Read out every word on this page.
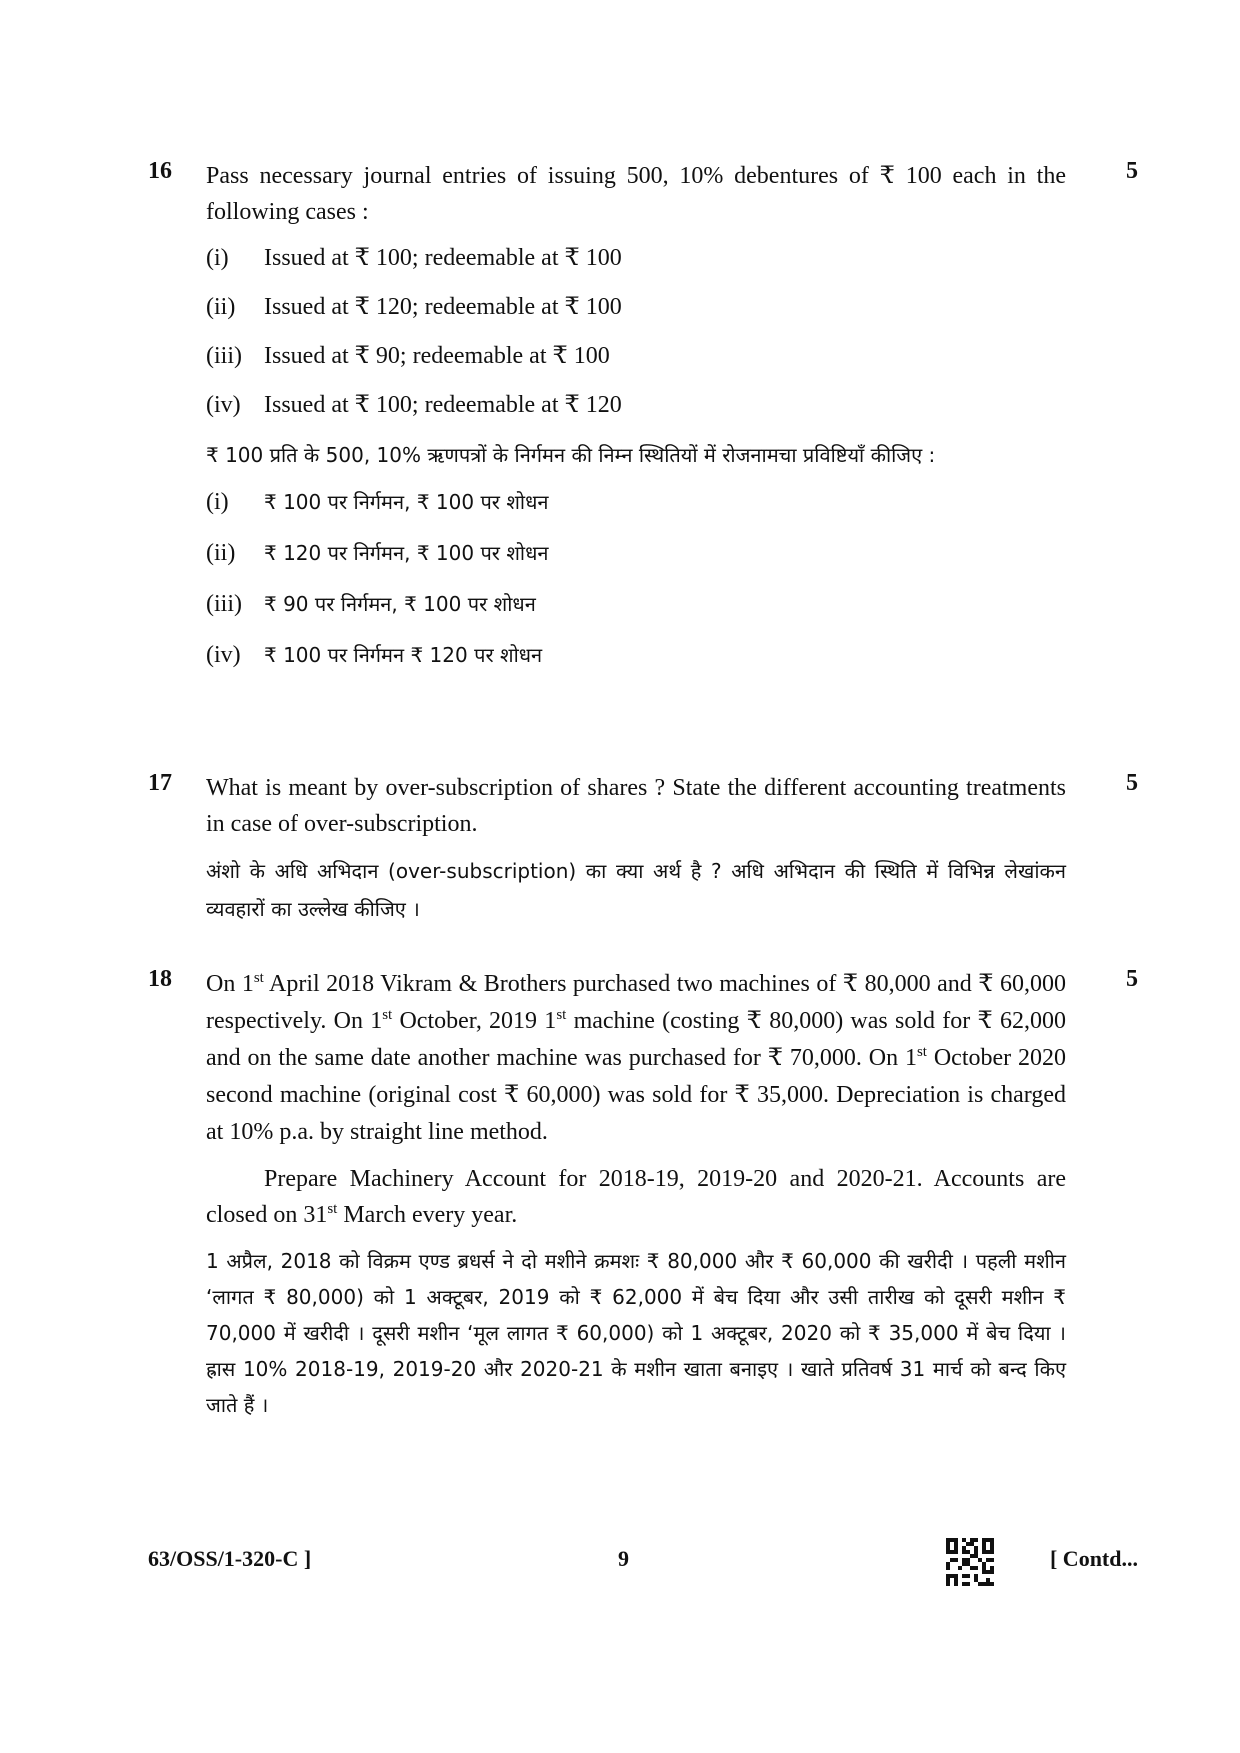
16	5

Pass necessary journal entries of issuing 500, 10% debentures of ₹ 100 each in the following cases :

(i)	Issued at ₹ 100; redeemable at ₹ 100
(ii)	Issued at ₹ 120; redeemable at ₹ 100
(iii) Issued at ₹ 90; redeemable at ₹ 100
(iv) Issued at ₹ 100; redeemable at ₹ 120

₹ 100 प्रति के 500, 10% ऋणपत्रों के निर्गमन की निम्न स्थितियों में रोजनामचा प्रविष्टियाँ कीजिए :

(i)	₹ 100 पर निर्गमन, ₹ 100 पर शोधन
(ii)	₹ 120 पर निर्गमन, ₹ 100 पर शोधन
(iii)	₹ 90 पर निर्गमन, ₹ 100 पर शोधन
(iv)	₹ 100 पर निर्गमन ₹ 120 पर शोधन
17	5

What is meant by over-subscription of shares ? State the different accounting treatments in case of over-subscription.

अंशो के अधि अभिदान (over-subscription) का क्या अर्थ है ? अधि अभिदान की स्थिति में विभिन्न लेखांकन व्यवहारों का उल्लेख कीजिए ।

18	5

On 1st April 2018 Vikram & Brothers purchased two machines of ₹ 80,000 and ₹ 60,000 respectively. On 1st October, 2019 1st machine (costing ₹ 80,000) was sold for ₹ 62,000 and on the same date another machine was purchased for ₹ 70,000. On 1st October 2020 second machine (original cost ₹ 60,000) was sold for ₹ 35,000. Depreciation is charged at 10% p.a. by straight line method.

Prepare Machinery Account for 2018-19, 2019-20 and 2020-21. Accounts are closed on 31st March every year.

1 अप्रैल, 2018 को विक्रम एण्ड ब्रधर्स ने दो मशीने क्रमशः ₹ 80,000 और ₹ 60,000 की खरीदी । पहली मशीन ‘लागत ₹ 80,000) को 1 अक्टूबर, 2019 को ₹ 62,000 में बेच दिया और उसी तारीख को दूसरी मशीन ₹ 70,000 में खरीदी । दूसरी मशीन ‘मूल लागत ₹ 60,000) को 1 अक्टूबर, 2020 को ₹ 35,000 में बेच दिया । ह्रास 10% 2018-19, 2019-20 और 2020-21 के मशीन खाता बनाइए । खाते प्रतिवर्ष 31 मार्च को बन्द किए जाते हैं ।

63/OSS/1-320-C ]	9	[ Contd...
